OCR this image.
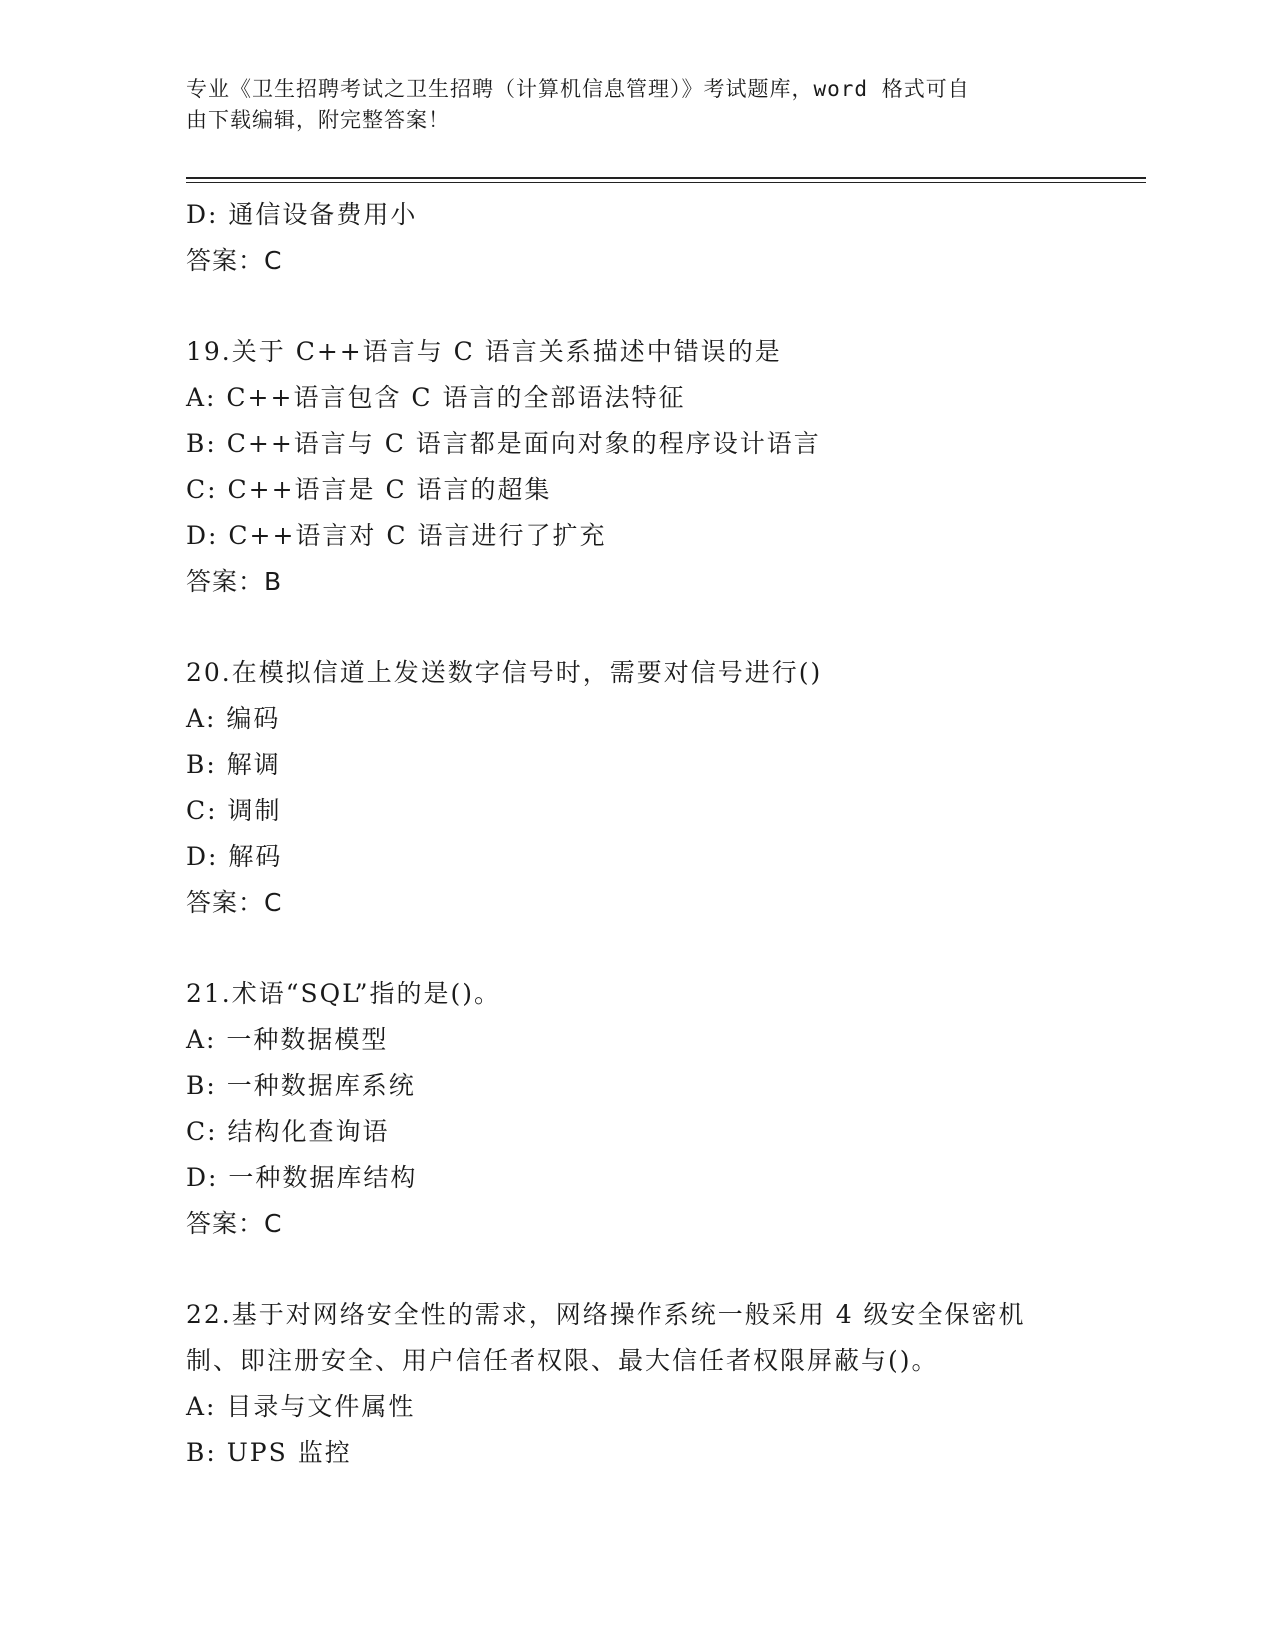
专业《卫生招聘考试之卫生招聘（计算机信息管理）》考试题库，word 格式可自
由下载编辑，附完整答案！
D: 通信设备费用小
答案：C
19.关于 C++语言与 C 语言关系描述中错误的是
A: C++语言包含 C 语言的全部语法特征
B: C++语言与 C 语言都是面向对象的程序设计语言
C: C++语言是 C 语言的超集
D: C++语言对 C 语言进行了扩充
答案：B
20.在模拟信道上发送数字信号时，需要对信号进行()
A: 编码
B: 解调
C: 调制
D: 解码
答案：C
21.术语“SQL”指的是()。
A: 一种数据模型
B: 一种数据库系统
C: 结构化查询语
D: 一种数据库结构
答案：C
22.基于对网络安全性的需求，网络操作系统一般采用 4 级安全保密机
制、即注册安全、用户信任者权限、最大信任者权限屏蔽与()。
A: 目录与文件属性
B: UPS 监控
